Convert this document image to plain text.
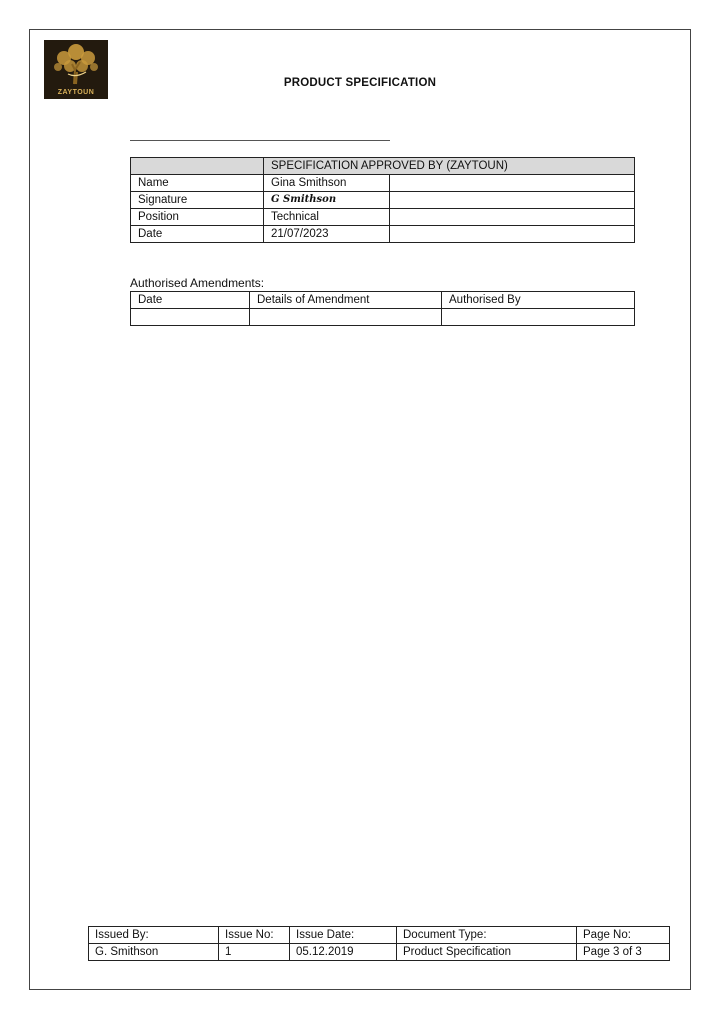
ZAYTOUN
PRODUCT SPECIFICATION
	SPECIFICATION APPROVED BY (ZAYTOUN)	
Name	Gina Smithson	
Signature	G Smithson	
Position	Technical	
Date	21/07/2023	
Authorised Amendments:
Date	Details of Amendment	Authorised By

Issued By:	Issue No:	Issue Date:	Document Type:	Page No:
G. Smithson	1	05.12.2019	Product Specification	Page 3 of 3
